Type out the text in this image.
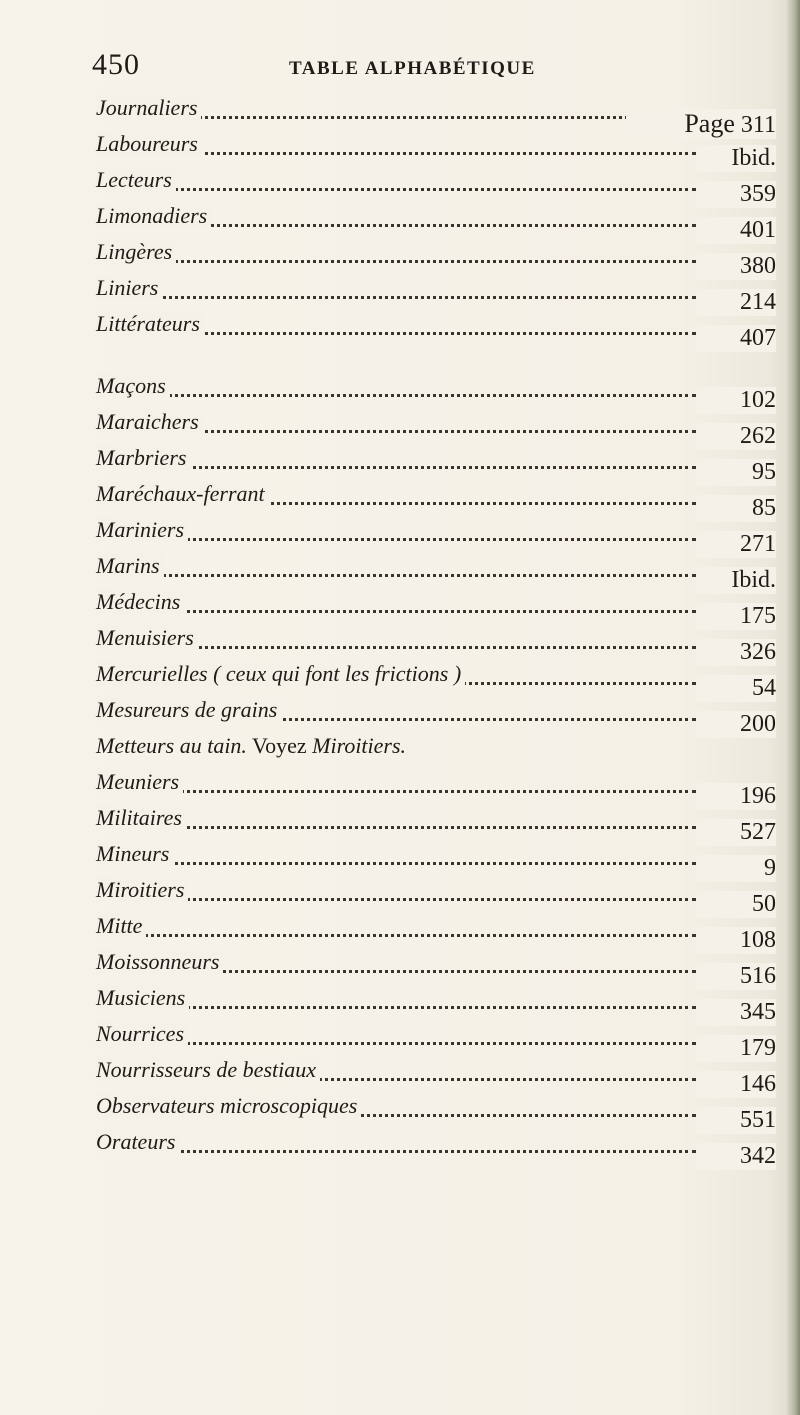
450	TABLE ALPHABÉTIQUE
Journaliers
Page 311
Laboureurs
Ibid.
Lecteurs
359
Limonadiers
401
Lingères
380
Liniers
214
Littérateurs
407
Maçons
102
Maraichers
262
Marbriers
95
Maréchaux-ferrant
85
Mariniers
271
Marins
Ibid.
Médecins
175
Menuisiers
326
Mercurielles ( ceux qui font les frictions )
54
Mesureurs de grains
200
Metteurs au tain. Voyez Miroitiers.
Meuniers
196
Militaires
527
Mineurs
9
Miroitiers
50
Mitte
108
Moissonneurs
516
Musiciens
345
Nourrices
179
Nourrisseurs de bestiaux
146
Observateurs microscopiques
551
Orateurs
342
